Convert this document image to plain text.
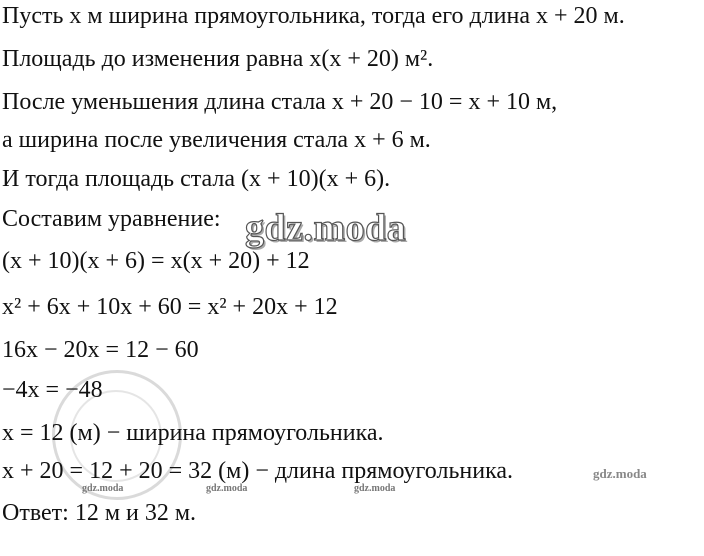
Пусть x м ширина прямоугольника, тогда его длина x + 20 м.
Площадь до изменения равна x(x + 20) м².
После уменьшения длина стала x + 20 − 10 = x + 10 м,
а ширина после увеличения стала x + 6 м.
И тогда площадь стала (x + 10)(x + 6).
Составим уравнение:
(x + 10)(x + 6) = x(x + 20) + 12
x² + 6x + 10x + 60 = x² + 20x + 12
16x − 20x = 12 − 60
−4x = −48
x = 12 (м) − ширина прямоугольника.
x + 20 = 12 + 20 = 32 (м) − длина прямоугольника.
Ответ: 12 м и 32 м.
gdz.moda
gdz.moda	gdz.moda	gdz.moda
gdz.moda
